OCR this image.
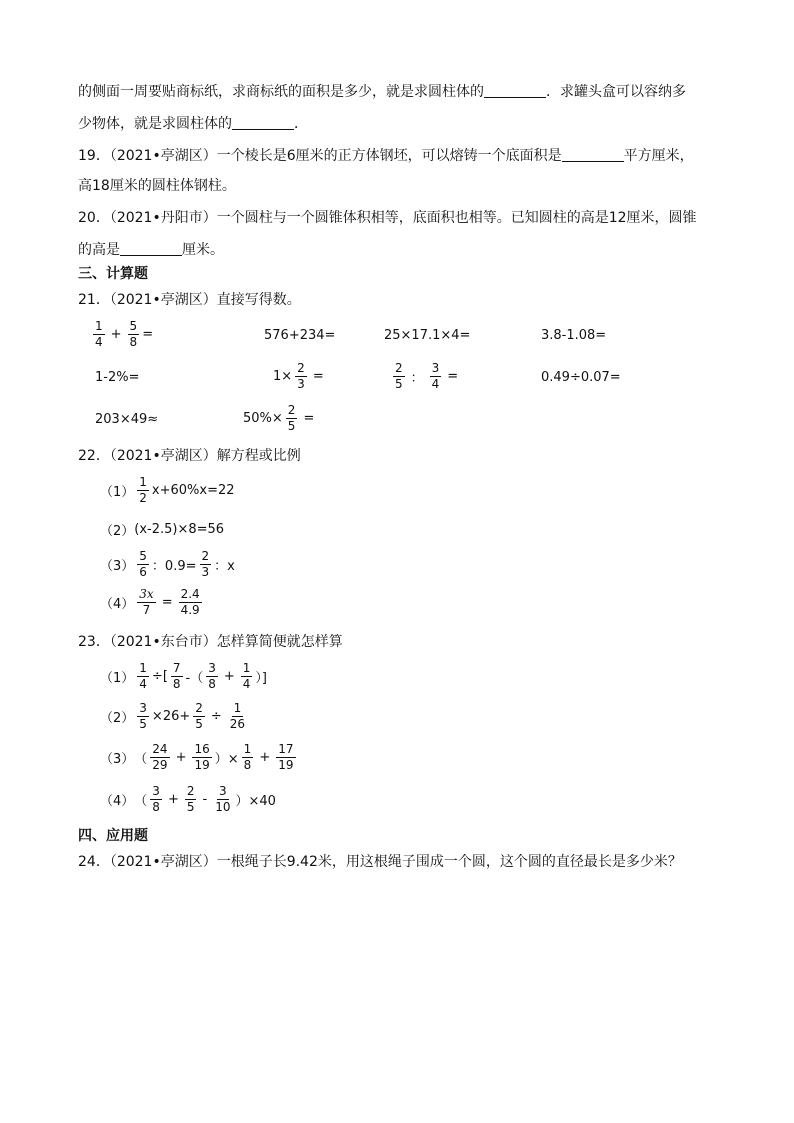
的侧面一周要贴商标纸，求商标纸的面积是多少，就是求圆柱体的	．求罐头盒可以容纳多
少物体，就是求圆柱体的	．
19．（2021•亭湖区）一个棱长是6厘米的正方体钢坯，可以熔铸一个底面积是	平方厘米，
高18厘米的圆柱体钢柱。
20．（2021•丹阳市）一个圆柱与一个圆锥体积相等，底面积也相等。已知圆柱的高是12厘米，圆锥
的高是	厘米。
三、计算题
21．（2021•亭湖区）直接写得数。
$\frac{1}{4} + \frac{5}{8}$ =	576+234=	25×17.1×4=	3.8-1.08=
1-2%=	$1\times \frac{2}{3}$ =	$\frac{2}{5}$ ： $\frac{3}{4}$ =	0.49÷0.07=
203×49≈	$50\%\times \frac{2}{5}$ =
22．（2021•亭湖区）解方程或比例
$(1) \frac{1}{2} x+60\%x=22$
（2） (x-2.5)×8=56
$(3) \frac{5}{6}$ ：$0.9= \frac{2}{3}$ ：x
$(4) \frac{3x}{7} = \frac{2.4}{4.9}$
23．（2021•东台市）怎样算简便就怎样算
$(1) \frac{1}{4}$ ÷[ $\frac{7}{8}$ -（ $\frac{3}{8} + \frac{1}{4}$ ）]
$(2) \frac{3}{5} \times 26+ \frac{2}{5} \div \frac{1}{26}$
（3） （ $\frac{24}{29} + \frac{16}{19}$ ）× $\frac{1}{8} + \frac{17}{19}$
（4） （ $\frac{3}{8} + \frac{2}{5} - \frac{3}{10} )\times 40$
四、应用题
24．（2021•亭湖区）一根绳子长9.42米，用这根绳子围成一个圆，这个圆的直径最长是多少米？
